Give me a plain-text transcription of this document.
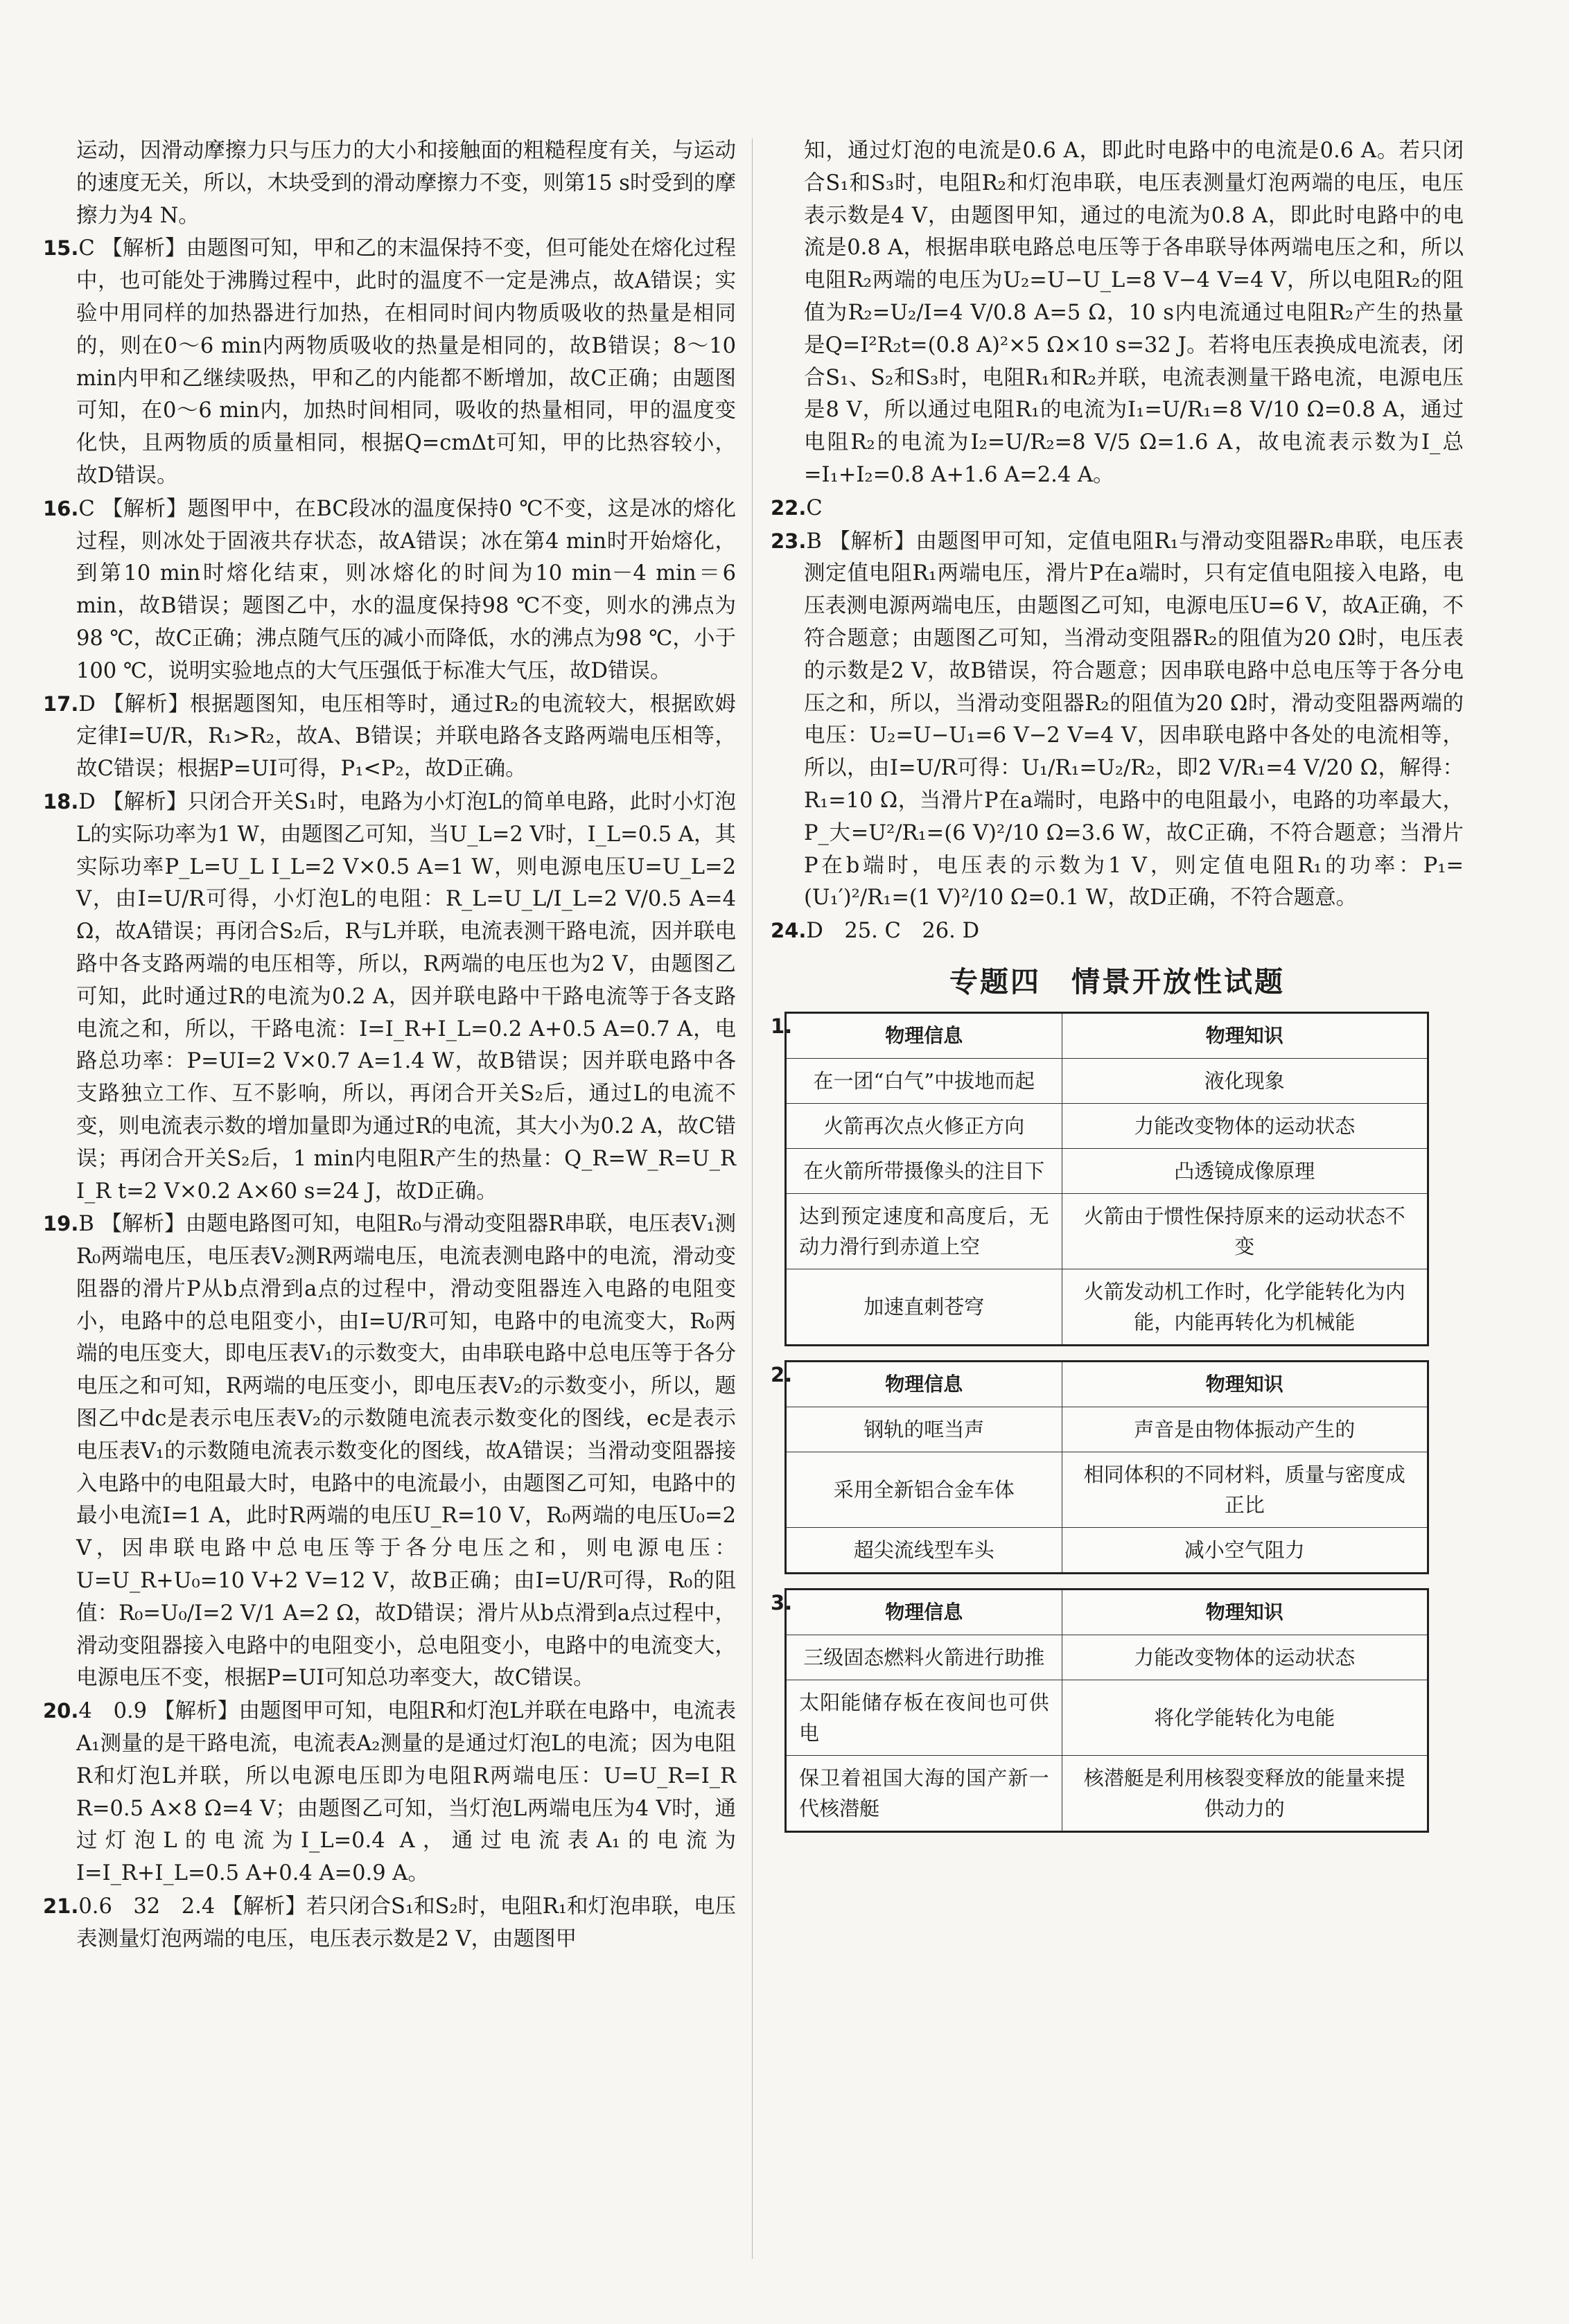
运动，因滑动摩擦力只与压力的大小和接触面的粗糙程度有关，与运动的速度无关，所以，木块受到的滑动摩擦力不变，则第15 s时受到的摩擦力为4 N。

15.C 【解析】由题图可知，甲和乙的末温保持不变，但可能处在熔化过程中，也可能处于沸腾过程中，此时的温度不一定是沸点，故A错误；实验中用同样的加热器进行加热，在相同时间内物质吸收的热量是相同的，则在0～6 min内两物质吸收的热量是相同的，故B错误；8～10 min内甲和乙继续吸热，甲和乙的内能都不断增加，故C正确；由题图可知，在0～6 min内，加热时间相同，吸收的热量相同，甲的温度变化快，且两物质的质量相同，根据Q=cmΔt可知，甲的比热容较小，故D错误。

16.C 【解析】题图甲中，在BC段冰的温度保持0 ℃不变，这是冰的熔化过程，则冰处于固液共存状态，故A错误；冰在第4 min时开始熔化，到第10 min时熔化结束，则冰熔化的时间为10 min－4 min＝6 min，故B错误；题图乙中，水的温度保持98 ℃不变，则水的沸点为98 ℃，故C正确；沸点随气压的减小而降低，水的沸点为98 ℃，小于100 ℃，说明实验地点的大气压强低于标准大气压，故D错误。

17.D 【解析】根据题图知，电压相等时，通过R₂的电流较大，根据欧姆定律I=U/R，R₁>R₂，故A、B错误；并联电路各支路两端电压相等，故C错误；根据P=UI可得，P₁<P₂，故D正确。

18.D 【解析】只闭合开关S₁时，电路为小灯泡L的简单电路，此时小灯泡L的实际功率为1 W，由题图乙可知，当U_L=2 V时，I_L=0.5 A，其实际功率P_L=U_L I_L=2 V×0.5 A=1 W，则电源电压U=U_L=2 V，由I=U/R可得，小灯泡L的电阻：R_L=U_L/I_L=2 V/0.5 A=4 Ω，故A错误；再闭合S₂后，R与L并联，电流表测干路电流，因并联电路中各支路两端的电压相等，所以，R两端的电压也为2 V，由题图乙可知，此时通过R的电流为0.2 A，因并联电路中干路电流等于各支路电流之和，所以，干路电流：I=I_R+I_L=0.2 A+0.5 A=0.7 A，电路总功率：P=UI=2 V×0.7 A=1.4 W，故B错误；因并联电路中各支路独立工作、互不影响，所以，再闭合开关S₂后，通过L的电流不变，则电流表示数的增加量即为通过R的电流，其大小为0.2 A，故C错误；再闭合开关S₂后，1 min内电阻R产生的热量：Q_R=W_R=U_R I_R t=2 V×0.2 A×60 s=24 J，故D正确。

19.B 【解析】由题电路图可知，电阻R₀与滑动变阻器R串联，电压表V₁测R₀两端电压，电压表V₂测R两端电压，电流表测电路中的电流，滑动变阻器的滑片P从b点滑到a点的过程中，滑动变阻器连入电路的电阻变小，电路中的总电阻变小，由I=U/R可知，电路中的电流变大，R₀两端的电压变大，即电压表V₁的示数变大，由串联电路中总电压等于各分电压之和可知，R两端的电压变小，即电压表V₂的示数变小，所以，题图乙中dc是表示电压表V₂的示数随电流表示数变化的图线，ec是表示电压表V₁的示数随电流表示数变化的图线，故A错误；当滑动变阻器接入电路中的电阻最大时，电路中的电流最小，由题图乙可知，电路中的最小电流I=1 A，此时R两端的电压U_R=10 V，R₀两端的电压U₀=2 V，因串联电路中总电压等于各分电压之和，则电源电压：U=U_R+U₀=10 V+2 V=12 V，故B正确；由I=U/R可得，R₀的阻值：R₀=U₀/I=2 V/1 A=2 Ω，故D错误；滑片从b点滑到a点过程中，滑动变阻器接入电路中的电阻变小，总电阻变小，电路中的电流变大，电源电压不变，根据P=UI可知总功率变大，故C错误。

20.4　0.9 【解析】由题图甲可知，电阻R和灯泡L并联在电路中，电流表A₁测量的是干路电流，电流表A₂测量的是通过灯泡L的电流；因为电阻R和灯泡L并联，所以电源电压即为电阻R两端电压：U=U_R=I_R R=0.5 A×8 Ω=4 V；由题图乙可知，当灯泡L两端电压为4 V时，通过灯泡L的电流为I_L=0.4 A，通过电流表A₁的电流为I=I_R+I_L=0.5 A+0.4 A=0.9 A。

21.0.6　32　2.4 【解析】若只闭合S₁和S₂时，电阻R₁和灯泡串联，电压表测量灯泡两端的电压，电压表示数是2 V，由题图甲

知，通过灯泡的电流是0.6 A，即此时电路中的电流是0.6 A。若只闭合S₁和S₃时，电阻R₂和灯泡串联，电压表测量灯泡两端的电压，电压表示数是4 V，由题图甲知，通过的电流为0.8 A，即此时电路中的电流是0.8 A，根据串联电路总电压等于各串联导体两端电压之和，所以电阻R₂两端的电压为U₂=U−U_L=8 V−4 V=4 V，所以电阻R₂的阻值为R₂=U₂/I=4 V/0.8 A=5 Ω，10 s内电流通过电阻R₂产生的热量是Q=I²R₂t=(0.8 A)²×5 Ω×10 s=32 J。若将电压表换成电流表，闭合S₁、S₂和S₃时，电阻R₁和R₂并联，电流表测量干路电流，电源电压是8 V，所以通过电阻R₁的电流为I₁=U/R₁=8 V/10 Ω=0.8 A，通过电阻R₂的电流为I₂=U/R₂=8 V/5 Ω=1.6 A，故电流表示数为I_总=I₁+I₂=0.8 A+1.6 A=2.4 A。

22.C

23.B 【解析】由题图甲可知，定值电阻R₁与滑动变阻器R₂串联，电压表测定值电阻R₁两端电压，滑片P在a端时，只有定值电阻接入电路，电压表测电源两端电压，由题图乙可知，电源电压U=6 V，故A正确，不符合题意；由题图乙可知，当滑动变阻器R₂的阻值为20 Ω时，电压表的示数是2 V，故B错误，符合题意；因串联电路中总电压等于各分电压之和，所以，当滑动变阻器R₂的阻值为20 Ω时，滑动变阻器两端的电压：U₂=U−U₁=6 V−2 V=4 V，因串联电路中各处的电流相等，所以，由I=U/R可得：U₁/R₁=U₂/R₂，即2 V/R₁=4 V/20 Ω，解得：R₁=10 Ω，当滑片P在a端时，电路中的电阻最小，电路的功率最大，P_大=U²/R₁=(6 V)²/10 Ω=3.6 W，故C正确，不符合题意；当滑片P在b端时，电压表的示数为1 V，则定值电阻R₁的功率：P₁=(U₁′)²/R₁=(1 V)²/10 Ω=0.1 W，故D正确，不符合题意。

24.D　25. C　26. D

专题四　情景开放性试题
1.	物理信息	物理知识
在一团“白气”中拔地而起	液化现象
火箭再次点火修正方向	力能改变物体的运动状态
在火箭所带摄像头的注目下	凸透镜成像原理
达到预定速度和高度后，无动力滑行到赤道上空	火箭由于惯性保持原来的运动状态不变
加速直刺苍穹	火箭发动机工作时，化学能转化为内能，内能再转化为机械能
2.	物理信息	物理知识
钢轨的哐当声	声音是由物体振动产生的
采用全新铝合金车体	相同体积的不同材料，质量与密度成正比
超尖流线型车头	减小空气阻力
3.	物理信息	物理知识
三级固态燃料火箭进行助推	力能改变物体的运动状态
太阳能储存板在夜间也可供电	将化学能转化为电能
保卫着祖国大海的国产新一代核潜艇	核潜艇是利用核裂变释放的能量来提供动力的
